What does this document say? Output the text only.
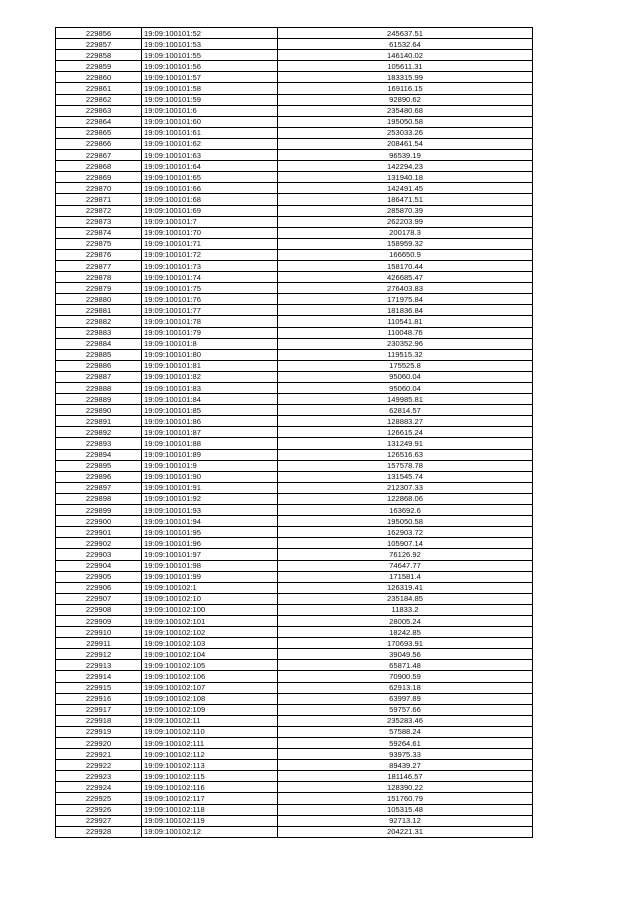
229856	19:09:100101:52	245637.51
229857	19:09:100101:53	61532.64
229858	19:09:100101:55	146140.02
229859	19:09:100101:56	105611.31
229860	19:09:100101:57	183315.99
229861	19:09:100101:58	169116.15
229862	19:09:100101:59	92890.62
229863	19:09:100101:6	235480.68
229864	19:09:100101:60	195050.58
229865	19:09:100101:61	253033.26
229866	19:09:100101:62	208461.54
229867	19:09:100101:63	96539.19
229868	19:09:100101:64	142294.23
229869	19:09:100101:65	131940.18
229870	19:09:100101:66	142491.45
229871	19:09:100101:68	186471.51
229872	19:09:100101:69	285870.39
229873	19:09:100101:7	262203.99
229874	19:09:100101:70	200178.3
229875	19:09:100101:71	158959.32
229876	19:09:100101:72	166650.9
229877	19:09:100101:73	158170.44
229878	19:09:100101:74	426685.47
229879	19:09:100101:75	276403.83
229880	19:09:100101:76	171975.84
229881	19:09:100101:77	181836.84
229882	19:09:100101:78	110541.81
229883	19:09:100101:79	110048.76
229884	19:09:100101:8	230352.96
229885	19:09:100101:80	119515.32
229886	19:09:100101:81	175525.8
229887	19:09:100101:82	95060.04
229888	19:09:100101:83	95060.04
229889	19:09:100101:84	149985.81
229890	19:09:100101:85	62814.57
229891	19:09:100101:86	128883.27
229892	19:09:100101:87	126615.24
229893	19:09:100101:88	131249.91
229894	19:09:100101:89	126516.63
229895	19:09:100101:9	157578.78
229896	19:09:100101:90	131545.74
229897	19:09:100101:91	212307.33
229898	19:09:100101:92	122868.06
229899	19:09:100101:93	163692.6
229900	19:09:100101:94	195050.58
229901	19:09:100101:95	162903.72
229902	19:09:100101:96	105907.14
229903	19:09:100101:97	76126.92
229904	19:09:100101:98	74647.77
229905	19:09:100101:99	171581.4
229906	19:09:100102:1	126319.41
229907	19:09:100102:10	235184.85
229908	19:09:100102:100	11833.2
229909	19:09:100102:101	28005.24
229910	19:09:100102:102	18242.85
229911	19:09:100102:103	170693.91
229912	19:09:100102:104	39049.56
229913	19:09:100102:105	65871.48
229914	19:09:100102:106	70900.59
229915	19:09:100102:107	62913.18
229916	19:09:100102:108	63997.89
229917	19:09:100102:109	59757.66
229918	19:09:100102:11	235283.46
229919	19:09:100102:110	57588.24
229920	19:09:100102:111	59264.61
229921	19:09:100102:112	93975.33
229922	19:09:100102:113	89439.27
229923	19:09:100102:115	181146.57
229924	19:09:100102:116	128390.22
229925	19:09:100102:117	151760.79
229926	19:09:100102:118	105315.48
229927	19:09:100102:119	92713.12
229928	19:09:100102:12	204221.31
